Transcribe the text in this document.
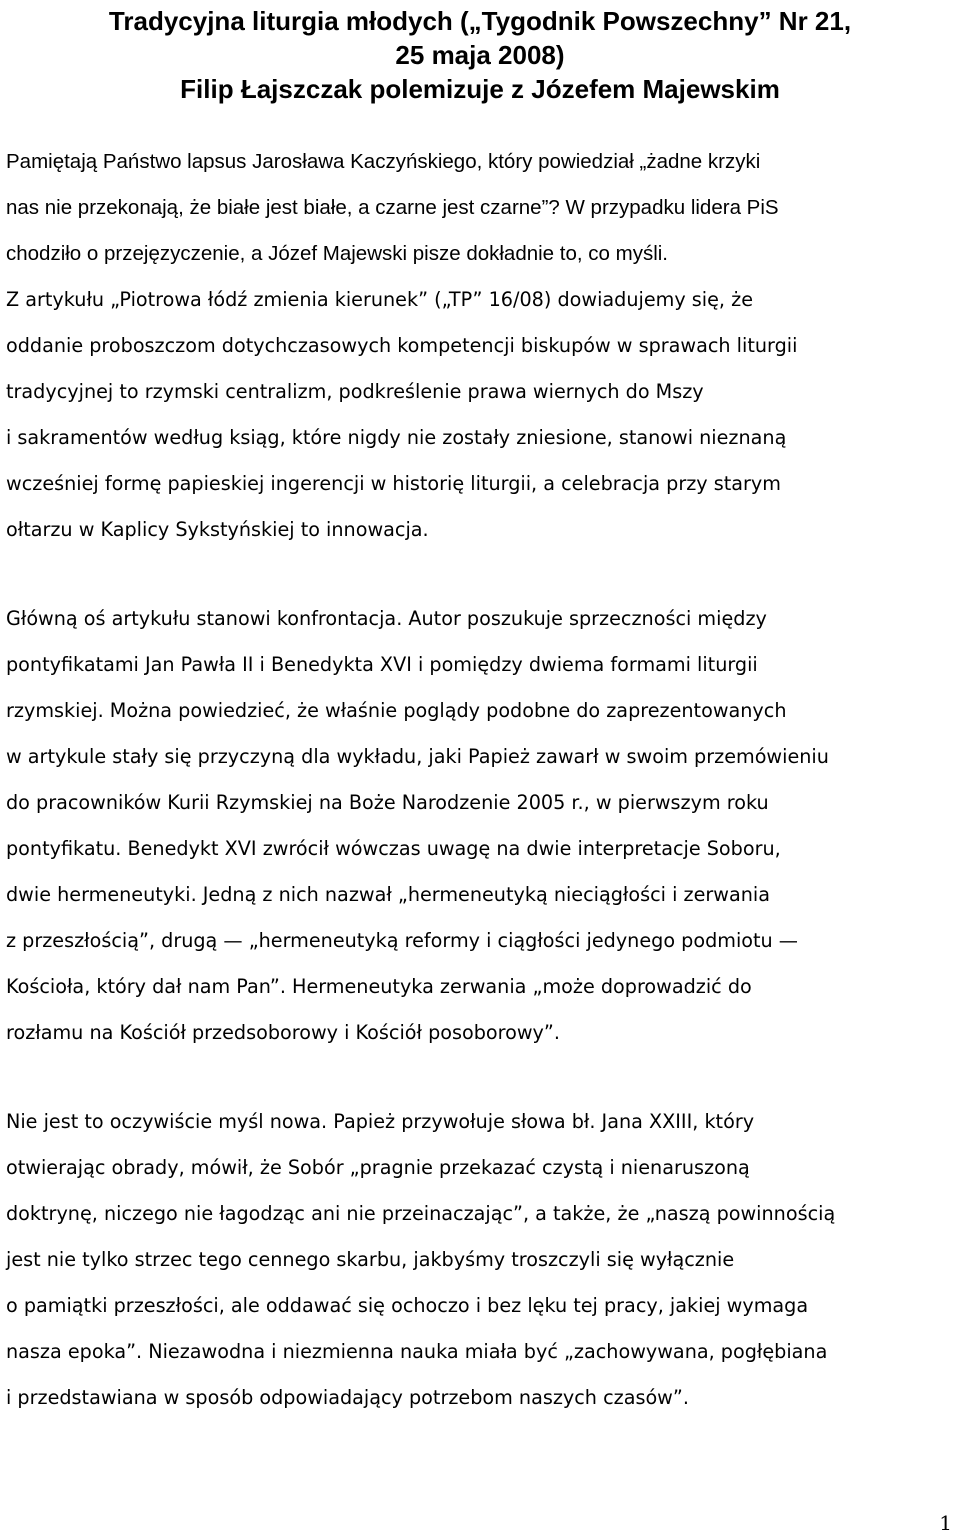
Tradycyjna liturgia młodych („Tygodnik Powszechny” Nr 21,
25 maja 2008)
Filip Łajszczak polemizuje z Józefem Majewskim
Pamiętają Państwo lapsus Jarosława Kaczyńskiego, który powiedział „żadne krzyki
nas nie przekonają, że białe jest białe, a czarne jest czarne”? W przypadku lidera PiS
chodziło o przejęzyczenie, a Józef Majewski pisze dokładnie to, co myśli.
Z artykułu „Piotrowa łódź zmienia kierunek” („TP” 16/08) dowiadujemy się, że
oddanie proboszczom dotychczasowych kompetencji biskupów w sprawach liturgii
tradycyjnej to rzymski centralizm, podkreślenie prawa wiernych do Mszy
i sakramentów według ksiąg, które nigdy nie zostały zniesione, stanowi nieznaną
wcześniej formę papieskiej ingerencji w historię liturgii, a celebracja przy starym
ołtarzu w Kaplicy Sykstyńskiej to innowacja.
Główną oś artykułu stanowi konfrontacja. Autor poszukuje sprzeczności między
pontyfikatami Jan Pawła II i Benedykta XVI i pomiędzy dwiema formami liturgii
rzymskiej. Można powiedzieć, że właśnie poglądy podobne do zaprezentowanych
w artykule stały się przyczyną dla wykładu, jaki Papież zawarł w swoim przemówieniu
do pracowników Kurii Rzymskiej na Boże Narodzenie 2005 r., w pierwszym roku
pontyfikatu. Benedykt XVI zwrócił wówczas uwagę na dwie interpretacje Soboru,
dwie hermeneutyki. Jedną z nich nazwał „hermeneutyką nieciągłości i zerwania
z przeszłością”, drugą — „hermeneutyką reformy i ciągłości jedynego podmiotu —
Kościoła, który dał nam Pan”. Hermeneutyka zerwania „może doprowadzić do
rozłamu na Kościół przedsoborowy i Kościół posoborowy”.
Nie jest to oczywiście myśl nowa. Papież przywołuje słowa bł. Jana XXIII, który
otwierając obrady, mówił, że Sobór „pragnie przekazać czystą i nienaruszoną
doktrynę, niczego nie łagodząc ani nie przeinaczając”, a także, że „naszą powinnością
jest nie tylko strzec tego cennego skarbu, jakbyśmy troszczyli się wyłącznie
o pamiątki przeszłości, ale oddawać się ochoczo i bez lęku tej pracy, jakiej wymaga
nasza epoka”. Niezawodna i niezmienna nauka miała być „zachowywana, pogłębiana
i przedstawiana w sposób odpowiadający potrzebom naszych czasów”.
1
